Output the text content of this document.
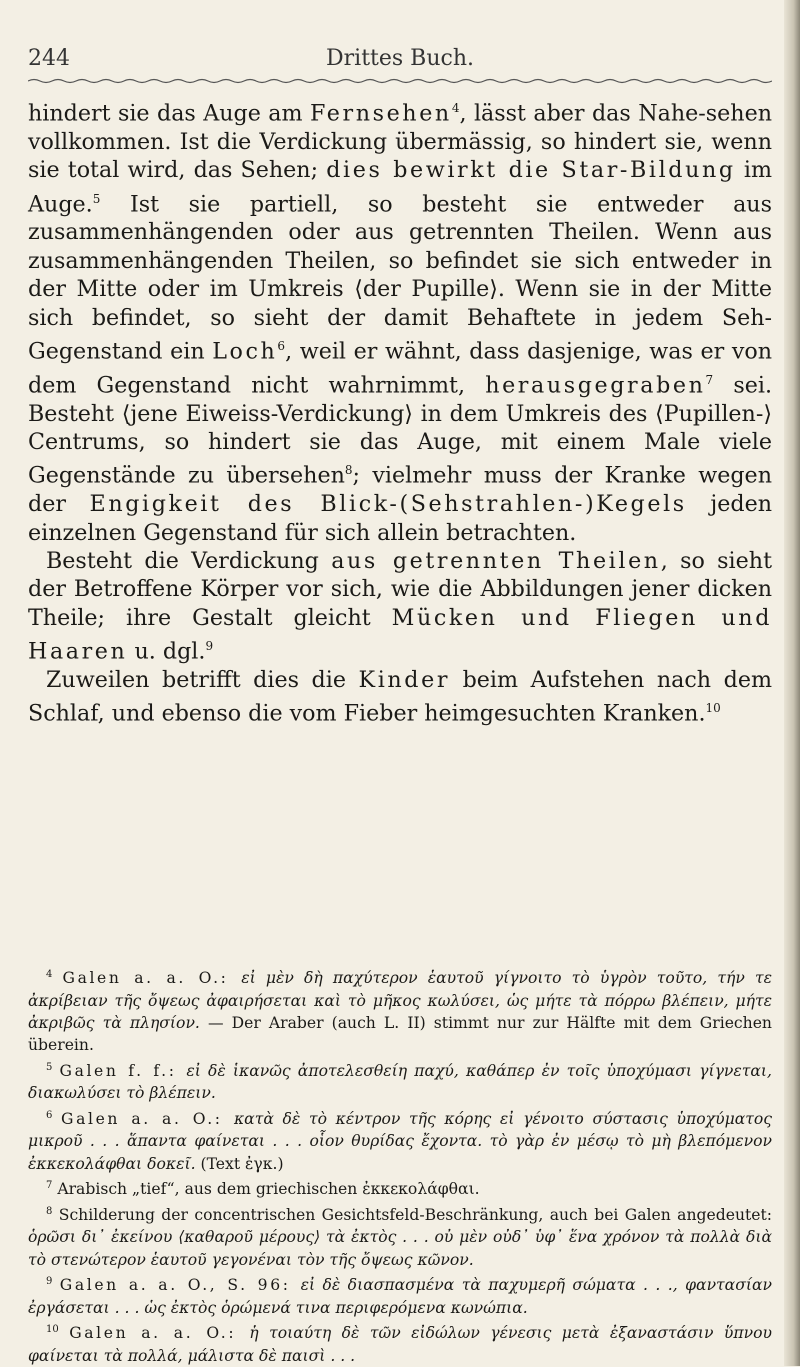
244	Drittes Buch.

hindert sie das Auge am Fernsehen$^4$, lässt aber das Nahe-sehen vollkommen. Ist die Verdickung übermässig, so hindert sie, wenn sie total wird, das Sehen; dies bewirkt die Star-Bildung im Auge.$^5$ Ist sie partiell, so besteht sie entweder aus zusammenhängenden oder aus getrennten Theilen. Wenn aus zusammenhängenden Theilen, so befindet sie sich entweder in der Mitte oder im Umkreis ⟨der Pupille⟩. Wenn sie in der Mitte sich befindet, so sieht der damit Behaftete in jedem Seh-Gegenstand ein Loch$^6$, weil er wähnt, dass dasjenige, was er von dem Gegenstand nicht wahrnimmt, herausgegraben$^7$ sei. Besteht ⟨jene Eiweiss-Verdickung⟩ in dem Umkreis des ⟨Pupillen-⟩Centrums, so hindert sie das Auge, mit einem Male viele Gegenstände zu übersehen$^8$; vielmehr muss der Kranke wegen der Engigkeit des Blick-(Sehstrahlen-)Kegels jeden einzelnen Gegenstand für sich allein betrachten.

Besteht die Verdickung aus getrennten Theilen, so sieht der Betroffene Körper vor sich, wie die Abbildungen jener dicken Theile; ihre Gestalt gleicht Mücken und Fliegen und Haaren u. dgl.$^9$

Zuweilen betrifft dies die Kinder beim Aufstehen nach dem Schlaf, und ebenso die vom Fieber heimgesuchten Kranken.$^{10}$

$^4$ Galen a. a. O.: εἰ μὲν δὴ παχύτερον ἑαυτοῦ γίγνοιτο τὸ ὑγρὸν τοῦτο, τήν τε ἀκρίβειαν τῆς ὄψεως ἀφαιρήσεται καὶ τὸ μῆκος κωλύσει, ὡς μήτε τὰ πόρρω βλέπειν, μήτε ἀκριβῶς τὰ πλησίον. — Der Araber (auch L. II) stimmt nur zur Hälfte mit dem Griechen überein.

$^5$ Galen f. f.: εἰ δὲ ἱκανῶς ἀποτελεσθείη παχύ, καθάπερ ἐν τοῖς ὑποχύμασι γίγνεται, διακωλύσει τὸ βλέπειν.

$^6$ Galen a. a. O.: κατὰ δὲ τὸ κέντρον τῆς κόρης εἰ γένοιτο σύστασις ὑποχύματος μικροῦ . . . ἅπαντα φαίνεται . . . οἷον θυρίδας ἔχοντα. τὸ γὰρ ἐν μέσῳ τὸ μὴ βλεπόμενον ἐκκεκολάφθαι δοκεῖ. (Text ἐγκ.)

$^7$ Arabisch „tief“, aus dem griechischen ἐκκεκολάφθαι.

$^8$ Schilderung der concentrischen Gesichtsfeld-Beschränkung, auch bei Galen angedeutet: ὁρῶσι δι᾽ ἐκείνου ⟨καθαροῦ μέρους⟩ τὰ ἐκτὸς . . . οὐ μὲν οὐδ᾽ ὑφ᾽ ἕνα χρόνον τὰ πολλὰ διὰ τὸ στενώτερον ἑαυτοῦ γεγονέναι τὸν τῆς ὄψεως κῶνον.

$^9$ Galen a. a. O., S. 96: εἰ δὲ διασπασμένα τὰ παχυμερῆ σώματα . . ., φαντασίαν ἐργάσεται . . . ὡς ἐκτὸς ὁρώμενά τινα περιφερόμενα κωνώπια.

$^{10}$ Galen a. a. O.: ἡ τοιαύτη δὲ τῶν εἰδώλων γένεσις μετὰ ἐξαναστάσιν ὕπνου φαίνεται τὰ πολλά, μάλιστα δὲ παισὶ . . .
